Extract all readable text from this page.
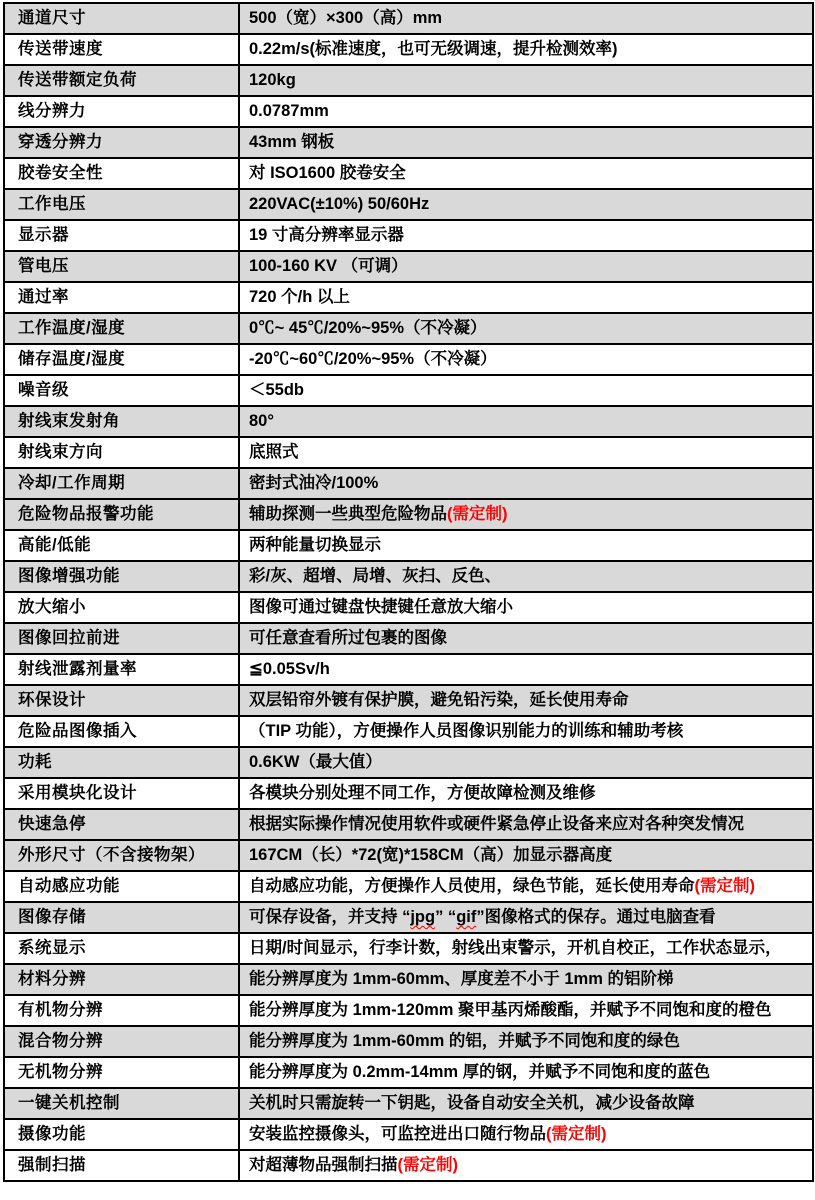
通道尺寸	500（宽）×300（高）mm
传送带速度	0.22m/s(标准速度，也可无级调速，提升检测效率)
传送带额定负荷	120kg
线分辨力	0.0787mm
穿透分辨力	43mm 钢板
胶卷安全性	对 ISO1600 胶卷安全
工作电压	220VAC(±10%) 50/60Hz
显示器	19 寸高分辨率显示器
管电压	100-160 KV （可调）
通过率	720 个/h 以上
工作温度/湿度	0℃~ 45℃/20%~95%（不冷凝）
储存温度/湿度	-20℃~60℃/20%~95%（不冷凝）
噪音级	＜55db
射线束发射角	80°
射线束方向	底照式
冷却/工作周期	密封式油冷/100%
危险物品报警功能	辅助探测一些典型危险物品(需定制)
高能/低能	两种能量切换显示
图像增强功能	彩/灰、超增、局增、灰扫、反色、
放大缩小	图像可通过键盘快捷键任意放大缩小
图像回拉前进	可任意查看所过包裹的图像
射线泄露剂量率	≦0.05Sv/h
环保设计	双层铅帘外镀有保护膜，避免铅污染，延长使用寿命
危险品图像插入	（TIP 功能），方便操作人员图像识别能力的训练和辅助考核
功耗	0.6KW（最大值）
采用模块化设计	各模块分别处理不同工作，方便故障检测及维修
快速急停	根据实际操作情况使用软件或硬件紧急停止设备来应对各种突发情况
外形尺寸（不含接物架）	167CM（长）*72(宽)*158CM（高）加显示器高度
自动感应功能	自动感应功能，方便操作人员使用，绿色节能，延长使用寿命(需定制)
图像存储	可保存设备，并支持 “jpg” “gif”图像格式的保存。通过电脑查看
系统显示	日期/时间显示，行李计数，射线出束警示，开机自校正，工作状态显示，
材料分辨	能分辨厚度为 1mm-60mm、厚度差不小于 1mm 的铝阶梯
有机物分辨	能分辨厚度为 1mm-120mm 聚甲基丙烯酸酯，并赋予不同饱和度的橙色
混合物分辨	能分辨厚度为 1mm-60mm 的铝，并赋予不同饱和度的绿色
无机物分辨	能分辨厚度为 0.2mm-14mm 厚的钢，并赋予不同饱和度的蓝色
一键关机控制	关机时只需旋转一下钥匙，设备自动安全关机，减少设备故障
摄像功能	安装监控摄像头，可监控进出口随行物品(需定制)
强制扫描	对超薄物品强制扫描(需定制)
